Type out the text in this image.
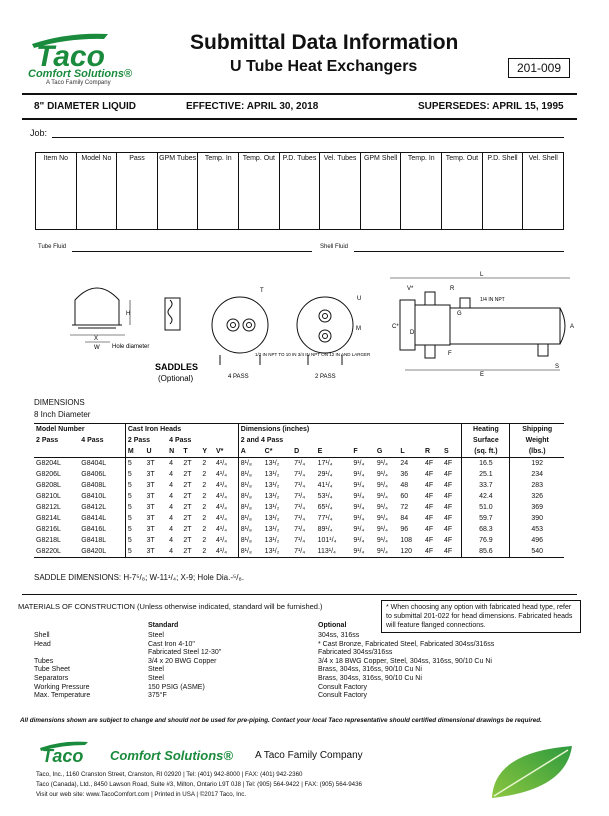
Taco
Comfort Solutions®
A Taco Family Company
Submittal Data Information
U Tube Heat Exchangers	201-009
8" DIAMETER LIQUID	EFFECTIVE: APRIL 30, 2018	SUPERSEDES: APRIL 15, 1995
Job:
Item No	Model No	Pass	GPM Tubes	Temp. In	Temp. Out	P.D. Tubes	Vel. Tubes	GPM Shell	Temp. In	Temp. Out	P.D. Shell	Vel. Shell
Tube Fluid	Shell Fluid
H
X
W Hole diameter
SADDLES
(Optional)
T
4 PASS
1/2 IN NPT TO 10 IN 3/4 IN NPT ON 12 IN AND LARGER
U
M
2 PASS
L
V*	R
1/4 IN NPT
G
A
C*
D
F
E
S
DIMENSIONS
8 Inch Diameter
Model Number		Cast Iron Heads						Dimensions (inches)									Heating	Shipping
2 Pass	4 Pass	2 Pass		4 Pass				2 and 4 Pass									Surface	Weight
		M	U	N	T	Y	V*	A	C*	D	E	F	G	L	R	S	(sq. ft.)	(lbs.)
G8204L	G8404L	5	3T	4	2T	2	4¹/₄	8¹/₈	13¹/₂	7¹/₄	17¹/₄	9¹/₄	9¹/₄	24	4F	4F	16.5	192
G8206L	G8406L	5	3T	4	2T	2	4¹/₄	8¹/₈	13¹/₂	7¹/₄	29¹/₄	9¹/₄	9¹/₄	36	4F	4F	25.1	234
G8208L	G8408L	5	3T	4	2T	2	4¹/₄	8¹/₈	13¹/₂	7¹/₄	41¹/₄	9¹/₄	9¹/₄	48	4F	4F	33.7	283
G8210L	G8410L	5	3T	4	2T	2	4¹/₄	8¹/₈	13¹/₂	7¹/₄	53¹/₄	9¹/₄	9¹/₄	60	4F	4F	42.4	326
G8212L	G8412L	5	3T	4	2T	2	4¹/₄	8¹/₈	13¹/₂	7¹/₄	65¹/₄	9¹/₄	9¹/₄	72	4F	4F	51.0	369
G8214L	G8414L	5	3T	4	2T	2	4¹/₄	8¹/₈	13¹/₂	7¹/₄	77¹/₄	9¹/₄	9¹/₄	84	4F	4F	59.7	390
G8216L	G8416L	5	3T	4	2T	2	4¹/₄	8¹/₈	13¹/₂	7¹/₄	89¹/₄	9¹/₄	9¹/₄	96	4F	4F	68.3	453
G8218L	G8418L	5	3T	4	2T	2	4¹/₄	8¹/₈	13¹/₂	7¹/₄	101¹/₄	9¹/₄	9¹/₄	108	4F	4F	76.9	496
G8220L	G8420L	5	3T	4	2T	2	4¹/₄	8¹/₈	13¹/₂	7¹/₄	113¹/₄	9¹/₄	9¹/₄	120	4F	4F	85.6	540
SADDLE DIMENSIONS: H-7⁵/₈; W-11¹/₄; X-9; Hole Dia.-⁵/₈.
MATERIALS OF CONSTRUCTION (Unless otherwise indicated, standard will be furnished.)	* When choosing any option with fabricated head type, refer to submittal 201-022 for head dimensions. Fabricated heads will feature flanged connections.
Standard	Optional
Shell	Steel	304ss, 316ss
Head	Cast Iron 4-10"	* Cast Bronze, Fabricated Steel, Fabricated 304ss/316ss
Fabricated Steel 12-30"	Fabricated 304ss/316ss
Tubes	3/4 x 20 BWG Copper	3/4 x 18 BWG Copper, Steel, 304ss, 316ss, 90/10 Cu Ni
Tube Sheet	Steel	Brass, 304ss, 316ss, 90/10 Cu Ni
Separators	Steel	Brass, 304ss, 316ss, 90/10 Cu Ni
Working Pressure	150 PSIG (ASME)	Consult Factory
Max. Temperature	375°F	Consult Factory
All dimensions shown are subject to change and should not be used for pre-piping. Contact your local Taco representative should certified dimensional drawings be required.
Taco Comfort Solutions® A Taco Family Company
Taco, Inc., 1160 Cranston Street, Cranston, RI 02920 | Tel: (401) 942-8000 | FAX: (401) 942-2360
Taco (Canada), Ltd., 8450 Lawson Road, Suite #3, Milton, Ontario L9T 0J8 | Tel: (905) 564-9422 | FAX: (905) 564-9436
Visit our web site: www.TacoComfort.com | Printed in USA | ©2017 Taco, Inc.
